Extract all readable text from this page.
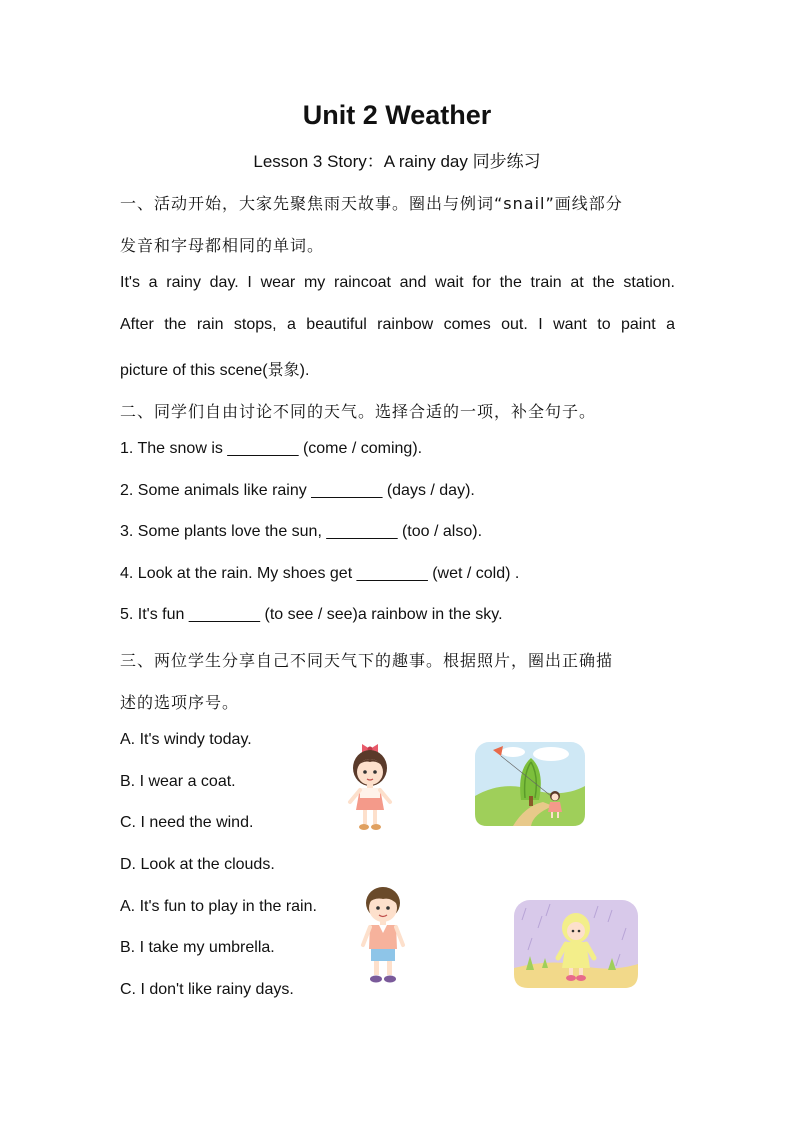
Unit 2 Weather
Lesson 3 Story：A rainy day 同步练习
一、活动开始，大家先聚焦雨天故事。圈出与例词“snail”画线部分
发音和字母都相同的单词。
It's a rainy day. I wear my raincoat and wait for the train at the station.
After the rain stops, a beautiful rainbow comes out. I want to paint a
picture of this scene(景象).
二、同学们自由讨论不同的天气。选择合适的一项，补全句子。
1. The snow is ________ (come / coming).
2. Some animals like rainy ________ (days / day).
3. Some plants love the sun, ________ (too / also).
4. Look at the rain. My shoes get ________ (wet / cold) .
5. It's fun ________ (to see / see)a rainbow in the sky.
三、两位学生分享自己不同天气下的趣事。根据照片，圈出正确描
述的选项序号。
A. It's windy today.
B. I wear a coat.
C. I need the wind.
D. Look at the clouds.
A. It's fun to play in the rain.
B. I take my umbrella.
C. I don't like rainy days.
